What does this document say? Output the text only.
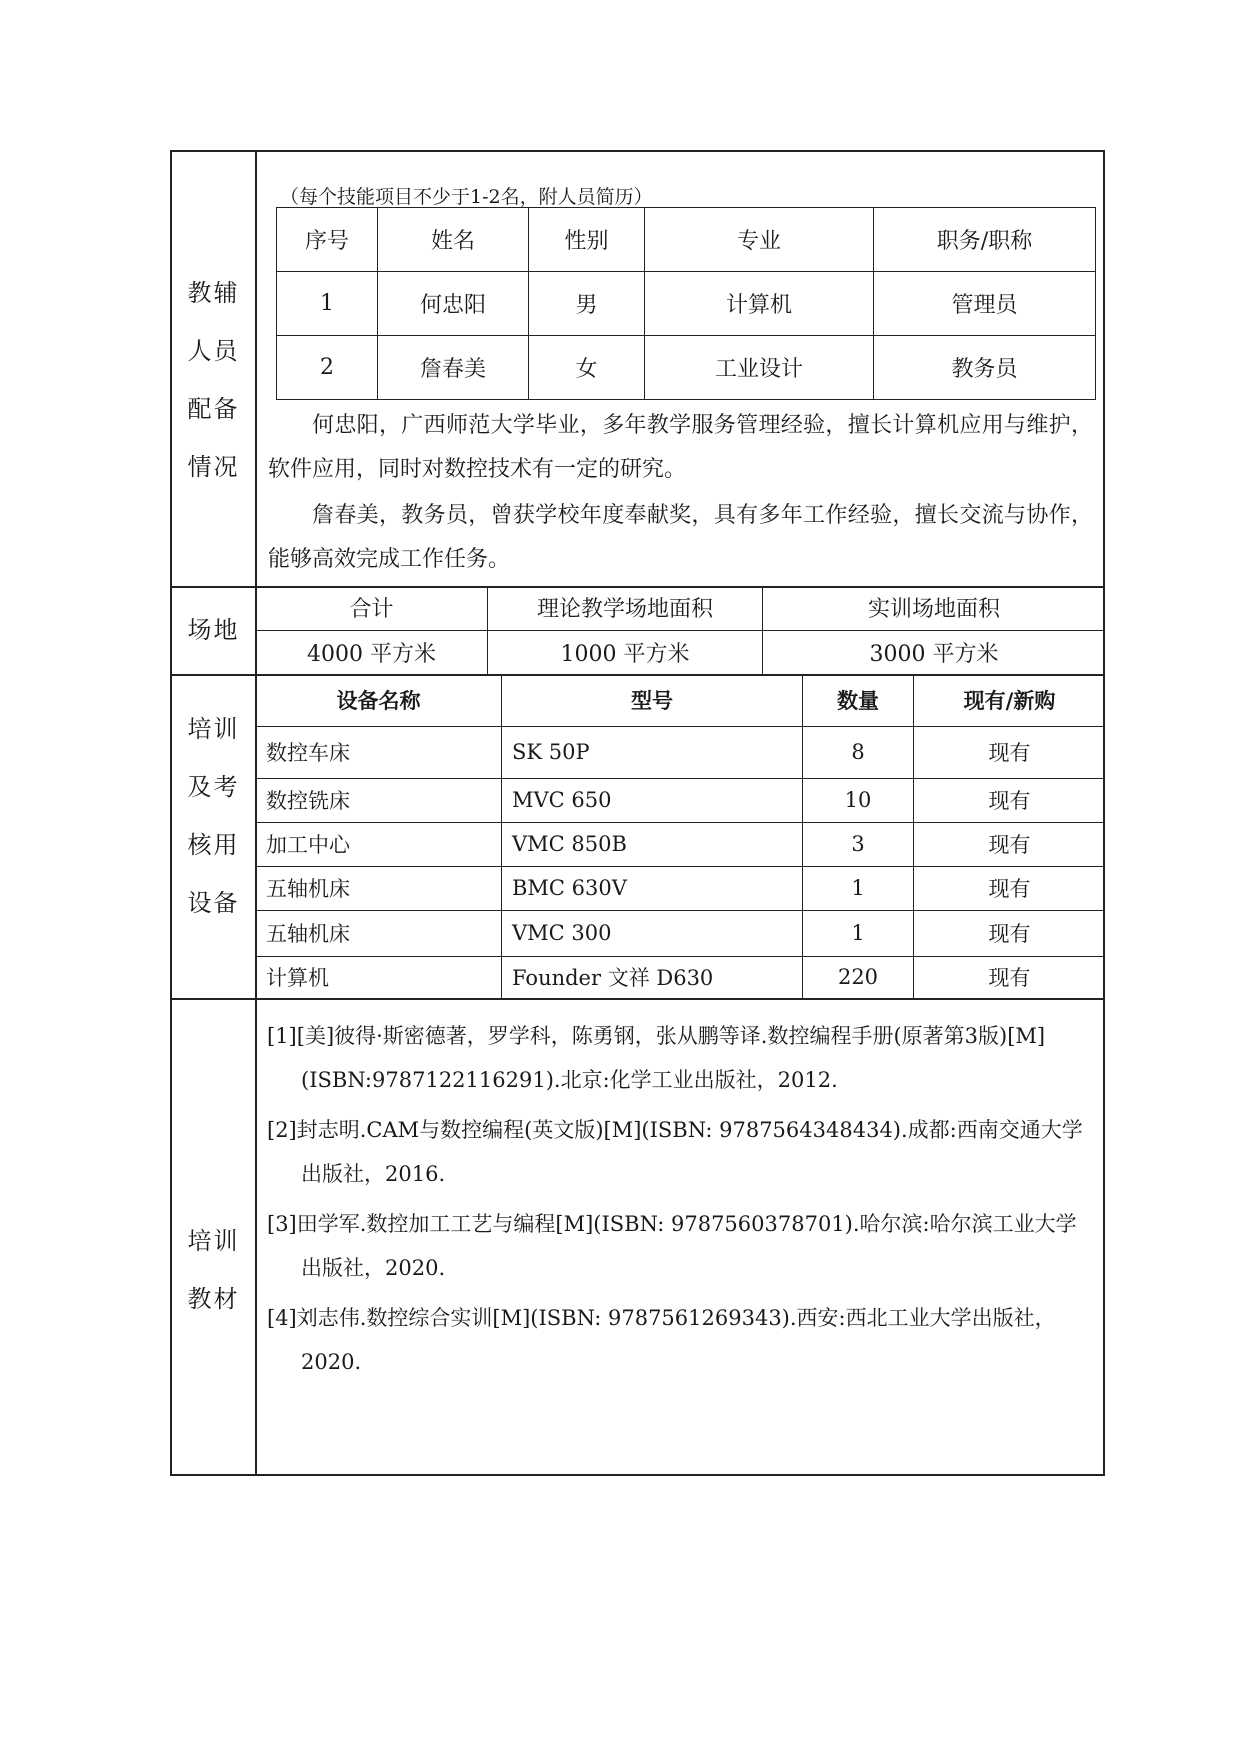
教辅
人员
配备
情况
（每个技能项目不少于1-2名，附人员简历）
序号	姓名	性别	专业	职务/职称
1	何忠阳	男	计算机	管理员
2	詹春美	女	工业设计	教务员
何忠阳，广西师范大学毕业，多年教学服务管理经验，擅长计算机应用与维护，软件应用，同时对数控技术有一定的研究。
詹春美，教务员，曾获学校年度奉献奖，具有多年工作经验，擅长交流与协作，能够高效完成工作任务。
场地
合计	理论教学场地面积	实训场地面积
4000 平方米	1000 平方米	3000 平方米
培训
及考
核用
设备
设备名称	型号	数量	现有/新购
数控车床	SK 50P	8	现有
数控铣床	MVC 650	10	现有
加工中心	VMC 850B	3	现有
五轴机床	BMC 630V	1	现有
五轴机床	VMC 300	1	现有
计算机	Founder 文祥 D630	220	现有
培训
教材
[1][美]彼得·斯密德著，罗学科，陈勇钢，张从鹏等译.数控编程手册(原著第3版)[M](ISBN:9787122116291).北京:化学工业出版社，2012.
[2]封志明.CAM与数控编程(英文版)[M](ISBN: 9787564348434).成都:西南交通大学出版社，2016.
[3]田学军.数控加工工艺与编程[M](ISBN: 9787560378701).哈尔滨:哈尔滨工业大学出版社，2020.
[4]刘志伟.数控综合实训[M](ISBN: 9787561269343).西安:西北工业大学出版社，2020.
